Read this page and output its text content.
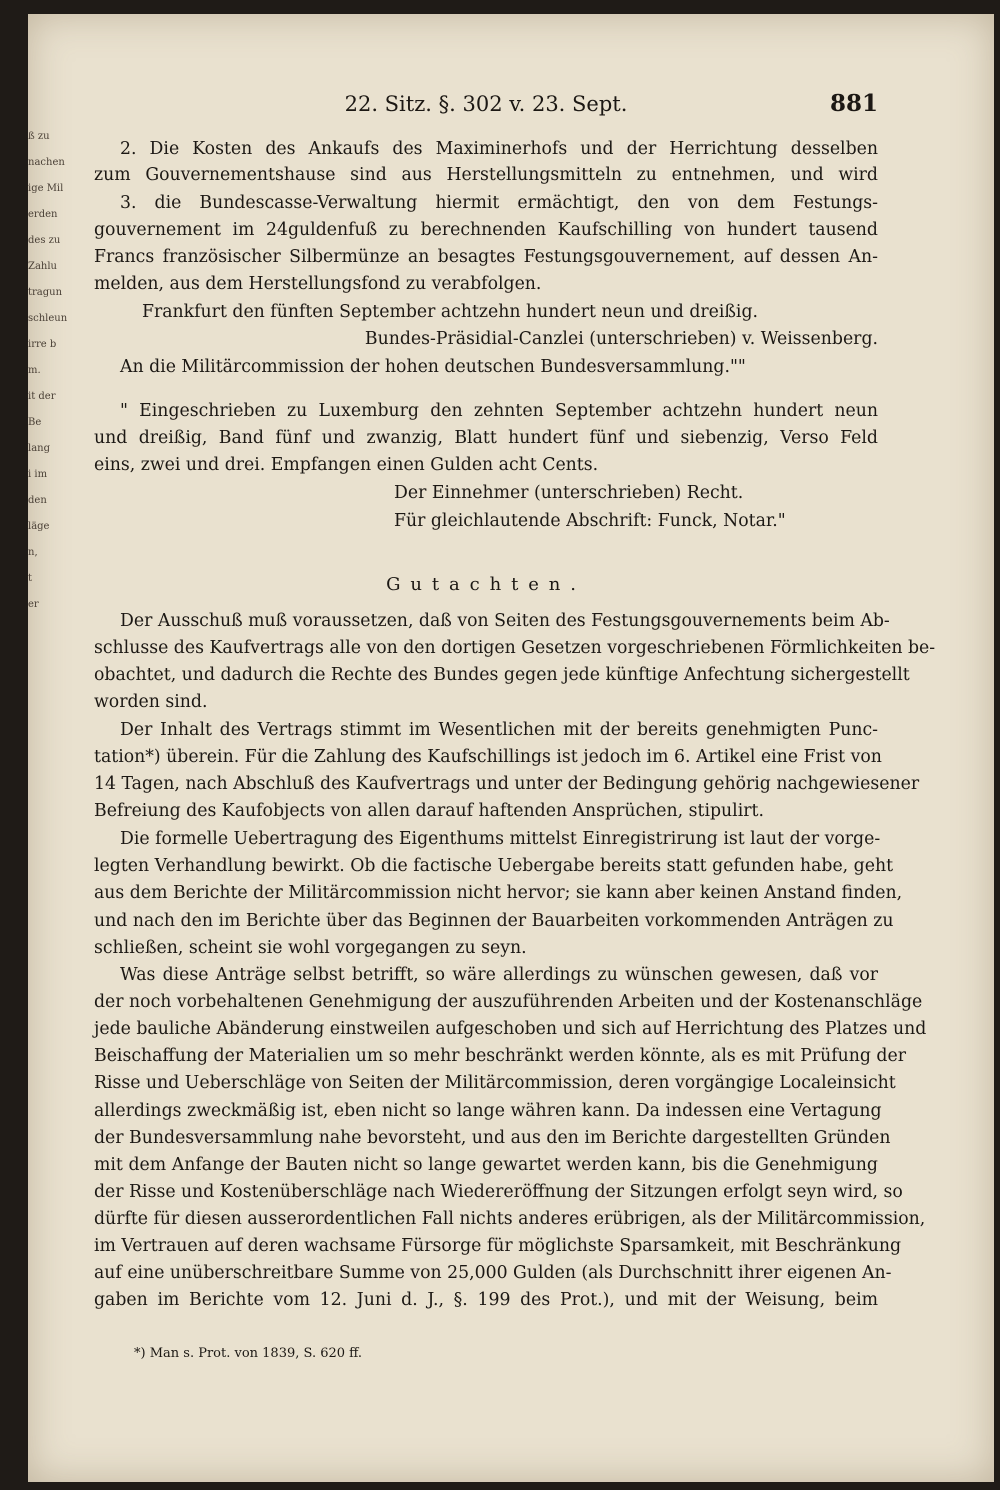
ß zu
nachen
ige Mil
erden
des zu
Zahlu
tragun
schleun
irre b
m.
it der
Be
lang
i im
den
läge
n,
t
er
22. Sitz. §. 302 v. 23. Sept.	881
2. Die Kosten des Ankaufs des Maximinerhofs und der Herrichtung desselben
zum Gouvernementshause sind aus Herstellungsmitteln zu entnehmen, und wird
3. die Bundescasse-Verwaltung hiermit ermächtigt, den von dem Festungs-
gouvernement im 24guldenfuß zu berechnenden Kaufschilling von hundert tausend
Francs französischer Silbermünze an besagtes Festungsgouvernement, auf dessen An-
melden, aus dem Herstellungsfond zu verabfolgen.
Frankfurt den fünften September achtzehn hundert neun und dreißig.
Bundes-Präsidial-Canzlei (unterschrieben) v. Weissenberg.
An die Militärcommission der hohen deutschen Bundesversammlung.""
" Eingeschrieben zu Luxemburg den zehnten September achtzehn hundert neun
und dreißig, Band fünf und zwanzig, Blatt hundert fünf und siebenzig, Verso Feld
eins, zwei und drei. Empfangen einen Gulden acht Cents.
Der Einnehmer (unterschrieben) Recht.
Für gleichlautende Abschrift: Funck, Notar."
Der Ausschuß muß voraussetzen, daß von Seiten des Festungsgouvernements beim Ab-
schlusse des Kaufvertrags alle von den dortigen Gesetzen vorgeschriebenen Förmlichkeiten be-
obachtet, und dadurch die Rechte des Bundes gegen jede künftige Anfechtung sichergestellt
worden sind.
Der Inhalt des Vertrags stimmt im Wesentlichen mit der bereits genehmigten Punc-
tation*) überein. Für die Zahlung des Kaufschillings ist jedoch im 6. Artikel eine Frist von
14 Tagen, nach Abschluß des Kaufvertrags und unter der Bedingung gehörig nachgewiesener
Befreiung des Kaufobjects von allen darauf haftenden Ansprüchen, stipulirt.
Die formelle Uebertragung des Eigenthums mittelst Einregistrirung ist laut der vorge-
legten Verhandlung bewirkt. Ob die factische Uebergabe bereits statt gefunden habe, geht
aus dem Berichte der Militärcommission nicht hervor; sie kann aber keinen Anstand finden,
und nach den im Berichte über das Beginnen der Bauarbeiten vorkommenden Anträgen zu
schließen, scheint sie wohl vorgegangen zu seyn.
Was diese Anträge selbst betrifft, so wäre allerdings zu wünschen gewesen, daß vor
der noch vorbehaltenen Genehmigung der auszuführenden Arbeiten und der Kostenanschläge
jede bauliche Abänderung einstweilen aufgeschoben und sich auf Herrichtung des Platzes und
Beischaffung der Materialien um so mehr beschränkt werden könnte, als es mit Prüfung der
Risse und Ueberschläge von Seiten der Militärcommission, deren vorgängige Localeinsicht
allerdings zweckmäßig ist, eben nicht so lange währen kann. Da indessen eine Vertagung
der Bundesversammlung nahe bevorsteht, und aus den im Berichte dargestellten Gründen
mit dem Anfange der Bauten nicht so lange gewartet werden kann, bis die Genehmigung
der Risse und Kostenüberschläge nach Wiedereröffnung der Sitzungen erfolgt seyn wird, so
dürfte für diesen ausserordentlichen Fall nichts anderes erübrigen, als der Militärcommission,
im Vertrauen auf deren wachsame Fürsorge für möglichste Sparsamkeit, mit Beschränkung
auf eine unüberschreitbare Summe von 25,000 Gulden (als Durchschnitt ihrer eigenen An-
gaben im Berichte vom 12. Juni d. J., §. 199 des Prot.), und mit der Weisung, beim
Gutachten.
*) Man s. Prot. von 1839, S. 620 ff.
